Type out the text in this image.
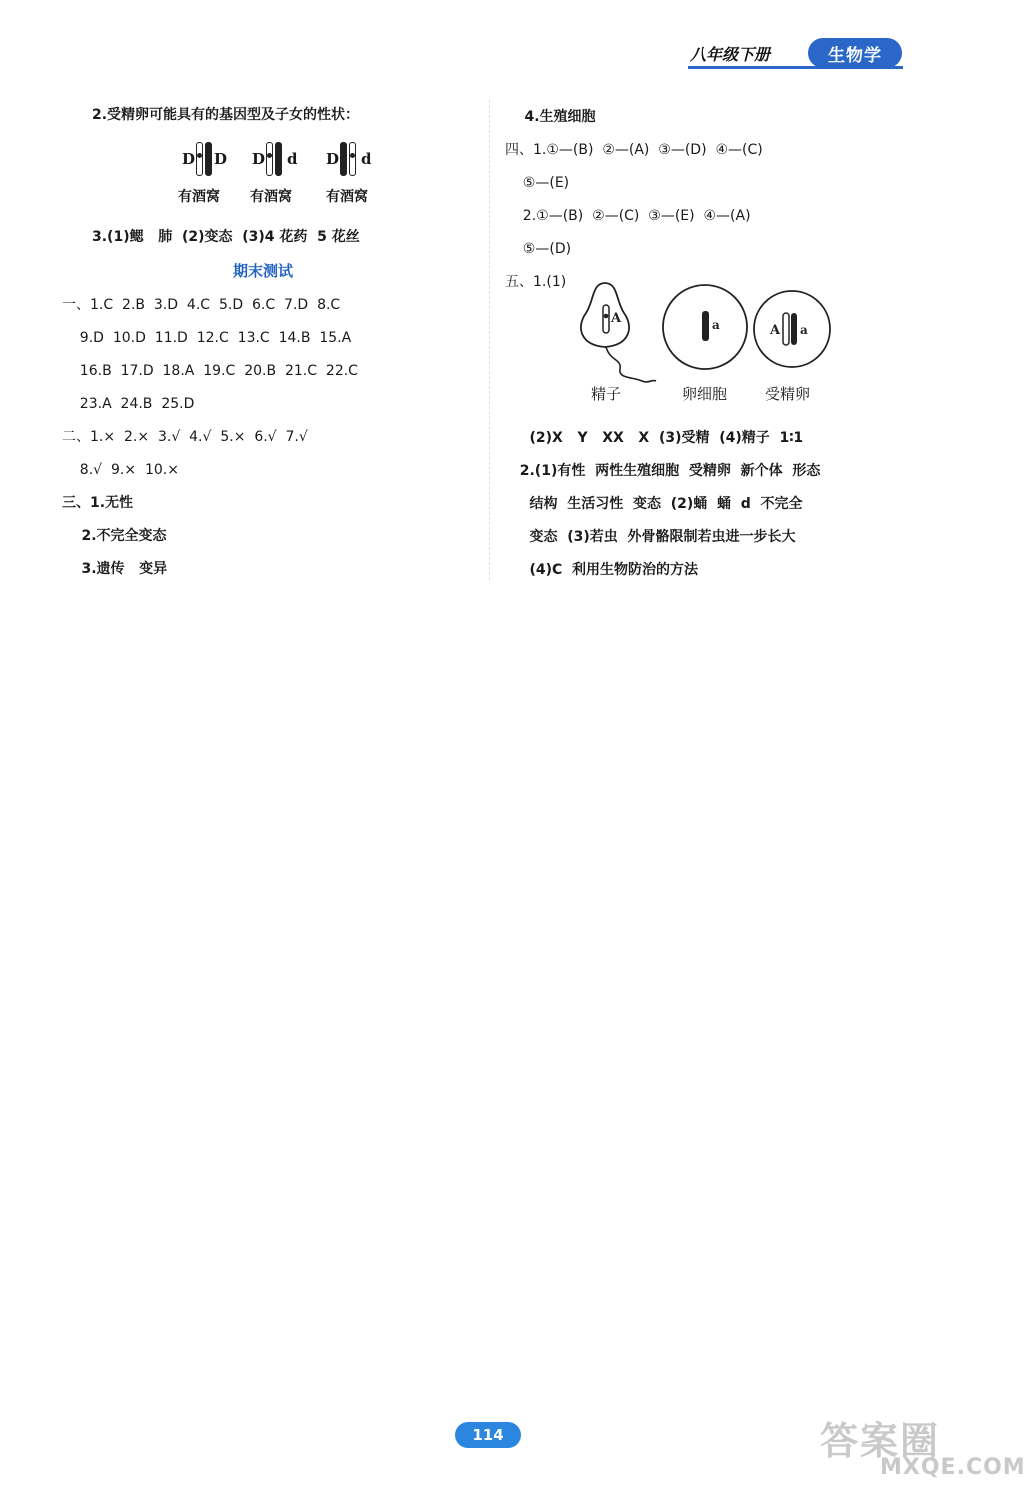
八年级下册	生物学
2.受精卵可能具有的基因型及子女的性状：
D D D d D d
有酒窝 有酒窝 有酒窝
3.(1)鳃   肺  (2)变态  (3)4 花药  5 花丝
期末测试
一、1.C  2.B  3.D  4.C  5.D  6.C  7.D  8.C
9.D  10.D  11.D  12.C  13.C  14.B  15.A
16.B  17.D  18.A  19.C  20.B  21.C  22.C
23.A  24.B  25.D
二、1.×  2.×  3.√  4.√  5.×  6.√  7.√
8.√  9.×  10.×
三、1.无性
2.不完全变态
3.遗传   变异
4.生殖细胞
四、1.①—(B)  ②—(A)  ③—(D)  ④—(C)
⑤—(E)
2.①—(B)  ②—(C)  ③—(E)  ④—(A)
⑤—(D)
五、1.(1)
A	a	A a
精子	卵细胞	受精卵
(2)X   Y   XX   X  (3)受精  (4)精子  1∶1
2.(1)有性  两性生殖细胞  受精卵  新个体  形态
结构  生活习性  变态  (2)蛹  蛹  d  不完全
变态  (3)若虫  外骨骼限制若虫进一步长大
(4)C  利用生物防治的方法
114	答案圈
MXQE.COM
